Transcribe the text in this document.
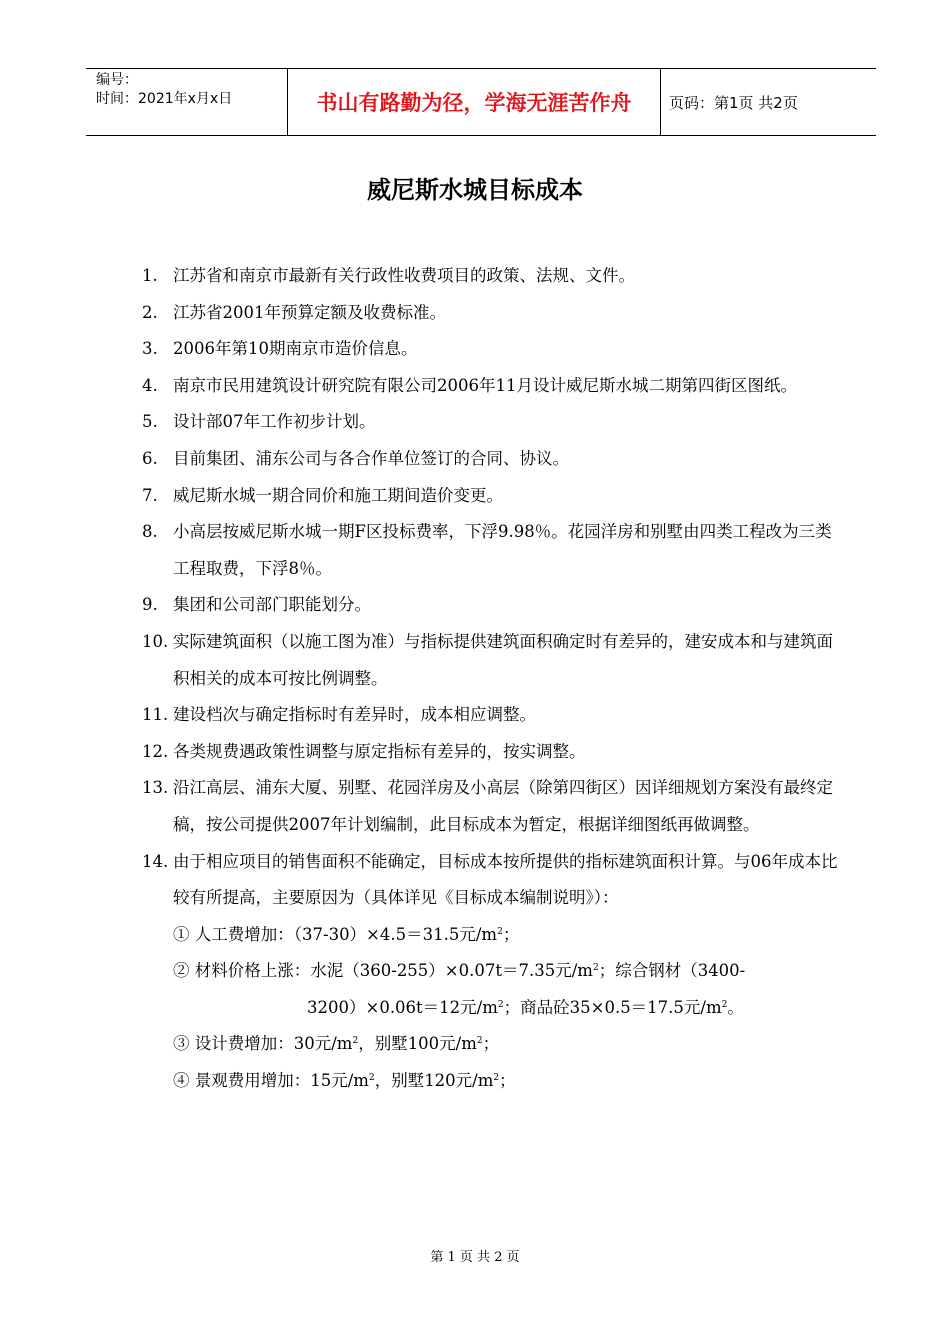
编号：
时间：2021年x月x日	书山有路勤为径，学海无涯苦作舟	页码：第1页 共2页
威尼斯水城目标成本
1. 江苏省和南京市最新有关行政性收费项目的政策、法规、文件。
2. 江苏省2001年预算定额及收费标准。
3. 2006年第10期南京市造价信息。
4. 南京市民用建筑设计研究院有限公司2006年11月设计威尼斯水城二期第四街区图纸。
5. 设计部07年工作初步计划。
6. 目前集团、浦东公司与各合作单位签订的合同、协议。
7. 威尼斯水城一期合同价和施工期间造价变更。
8. 小高层按威尼斯水城一期F区投标费率，下浮9.98％。花园洋房和别墅由四类工程改为三类工程取费，下浮8％。
9. 集团和公司部门职能划分。
10. 实际建筑面积（以施工图为准）与指标提供建筑面积确定时有差异的，建安成本和与建筑面积相关的成本可按比例调整。
11. 建设档次与确定指标时有差异时，成本相应调整。
12. 各类规费遇政策性调整与原定指标有差异的，按实调整。
13. 沿江高层、浦东大厦、别墅、花园洋房及小高层（除第四街区）因详细规划方案没有最终定稿，按公司提供2007年计划编制，此目标成本为暂定，根据详细图纸再做调整。
14. 由于相应项目的销售面积不能确定，目标成本按所提供的指标建筑面积计算。与06年成本比较有所提高，主要原因为（具体详见《目标成本编制说明》）：
① 人工费增加：（37-30）×4.5＝31.5元$/m^2$；
② 材料价格上涨：水泥（360-255）×0.07t＝7.35元$/m^2$；综合钢材（3400-
3200）×0.06t＝12元$/m^2$；商品砼35×0.5＝17.5元$/m^2$。
③ 设计费增加：30元$/m^2$，别墅100元$/m^2$；
④ 景观费用增加：15元$/m^2$，别墅120元$/m^2$；
第 1 页 共 2 页
